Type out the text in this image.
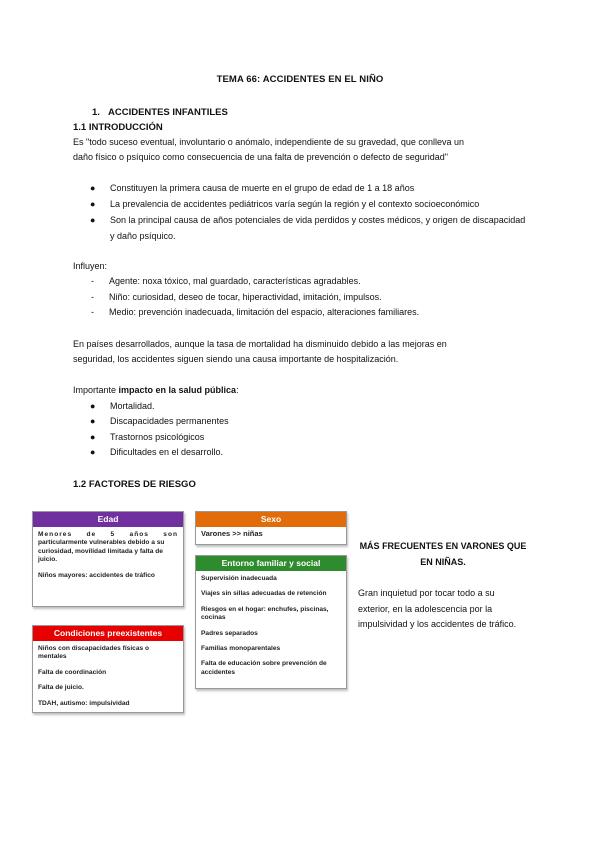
TEMA 66: ACCIDENTES EN EL NIÑO
1. ACCIDENTES INFANTILES
1.1 INTRODUCCIÓN
Es "todo suceso eventual, involuntario o anómalo, independiente de su gravedad, que conlleva un
daño físico o psíquico como consecuencia de una falta de prevención o defecto de seguridad"
● Constituyen la primera causa de muerte en el grupo de edad de 1 a 18 años
● La prevalencia de accidentes pediátricos varía según la región y el contexto socioeconómico
● Son la principal causa de años potenciales de vida perdidos y costes médicos, y origen de discapacidad y daño psíquico.
Influyen:
- Agente: noxa tóxico, mal guardado, características agradables.
- Niño: curiosidad, deseo de tocar, hiperactividad, imitación, impulsos.
- Medio: prevención inadecuada, limitación del espacio, alteraciones familiares.
En países desarrollados, aunque la tasa de mortalidad ha disminuido debido a las mejoras en
seguridad, los accidentes siguen siendo una causa importante de hospitalización.
Importante impacto en la salud pública:
● Mortalidad.
● Discapacidades permanentes
● Trastornos psicológicos
● Dificultades en el desarrollo.
1.2 FACTORES DE RIESGO
Edad
Menores de 5 años son
particularmente vulnerables debido a su curiosidad, movilidad limitada y falta de juicio.
Niños mayores: accidentes de tráfico
Condiciones preexistentes
Niños con discapacidades físicas o mentales
Falta de coordinación
Falta de juicio.
TDAH, autismo: impulsividad
Sexo
Varones >> niñas
Entorno familiar y social
Supervisión inadecuada
Viajes sin sillas adecuadas de retención
Riesgos en el hogar: enchufes, piscinas, cocinas
Padres separados
Familias monoparentales
Falta de educación sobre prevención de accidentes
MÁS FRECUENTES EN VARONES QUE
EN NIÑAS.
Gran inquietud por tocar todo a su exterior, en la adolescencia por la impulsividad y los accidentes de tráfico.
